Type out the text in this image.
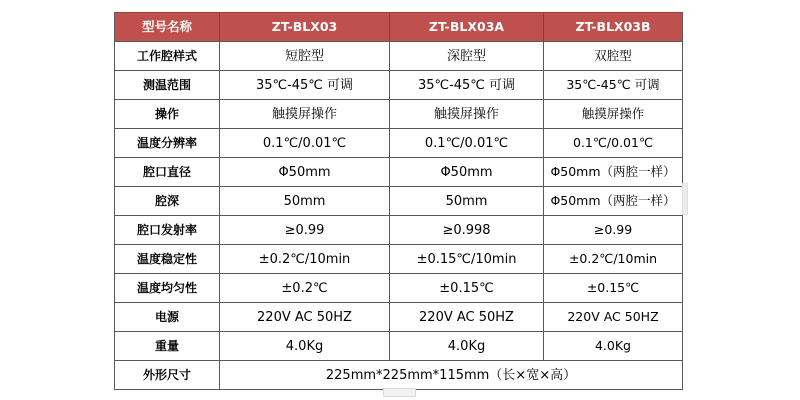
型号名称	ZT-BLX03	ZT-BLX03A	ZT-BLX03B
工作腔样式	短腔型	深腔型	双腔型
测温范围	35℃-45℃ 可调	35℃-45℃ 可调	35℃-45℃ 可调
操作	触摸屏操作	触摸屏操作	触摸屏操作
温度分辨率	0.1℃/0.01℃	0.1℃/0.01℃	0.1℃/0.01℃
腔口直径	Φ50mm	Φ50mm	Φ50mm（两腔一样）
腔深	50mm	50mm	Φ50mm（两腔一样）
腔口发射率	≥0.99	≥0.998	≥0.99
温度稳定性	±0.2℃/10min	±0.15℃/10min	±0.2℃/10min
温度均匀性	±0.2℃	±0.15℃	±0.15℃
电源	220V AC 50HZ	220V AC 50HZ	220V AC 50HZ
重量	4.0Kg	4.0Kg	4.0Kg
外形尺寸	225mm*225mm*115mm（长×宽×高）
